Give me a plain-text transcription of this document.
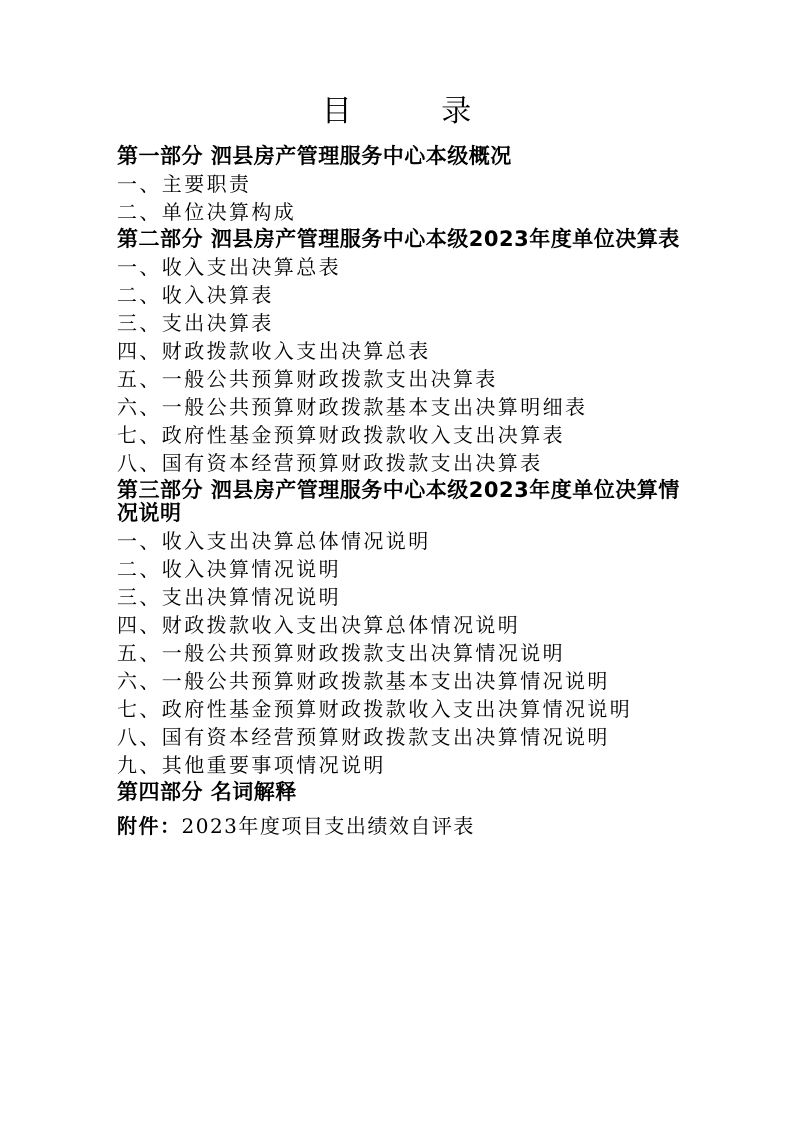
目 录
第一部分 泗县房产管理服务中心本级概况
一、主要职责
二、单位决算构成
第二部分 泗县房产管理服务中心本级2023年度单位决算表
一、收入支出决算总表
二、收入决算表
三、支出决算表
四、财政拨款收入支出决算总表
五、一般公共预算财政拨款支出决算表
六、一般公共预算财政拨款基本支出决算明细表
七、政府性基金预算财政拨款收入支出决算表
八、国有资本经营预算财政拨款支出决算表
第三部分 泗县房产管理服务中心本级2023年度单位决算情况说明
一、收入支出决算总体情况说明
二、收入决算情况说明
三、支出决算情况说明
四、财政拨款收入支出决算总体情况说明
五、一般公共预算财政拨款支出决算情况说明
六、一般公共预算财政拨款基本支出决算情况说明
七、政府性基金预算财政拨款收入支出决算情况说明
八、国有资本经营预算财政拨款支出决算情况说明
九、其他重要事项情况说明
第四部分 名词解释
附件：2023年度项目支出绩效自评表
